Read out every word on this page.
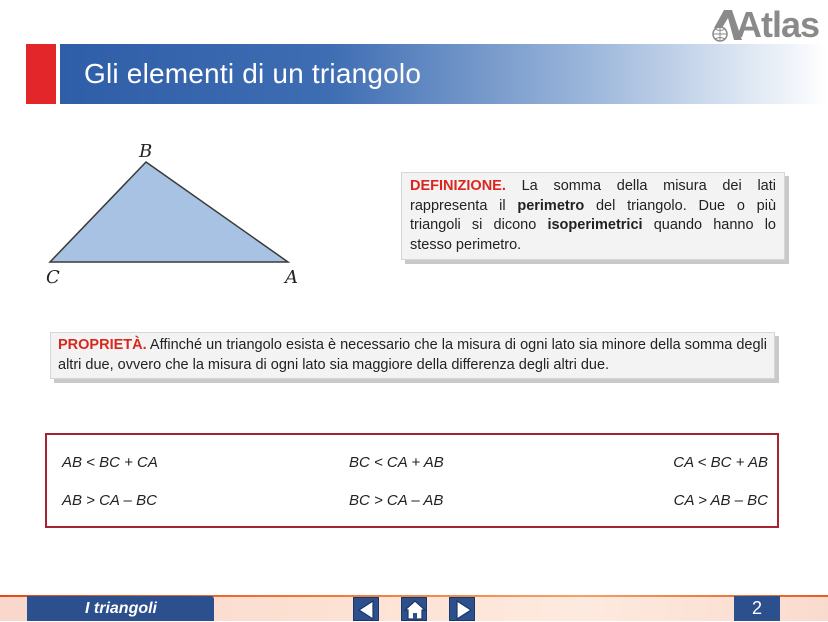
Gli elementi di un triangolo
Atlas
B
C	A
DEFINIZIONE. La somma della misura dei lati rappresenta il perimetro del triangolo. Due o più triangoli si dicono isoperimetrici quando hanno lo stesso perimetro.
PROPRIETÀ. Affinché un triangolo esista è necessario che la misura di ogni lato sia minore della somma degli altri due, ovvero che la misura di ogni lato sia maggiore della differenza degli altri due.
AB < BC + CA	BC < CA + AB	CA < BC + AB
AB > CA – BC	BC > CA – AB	CA > AB – BC
I triangoli	2
